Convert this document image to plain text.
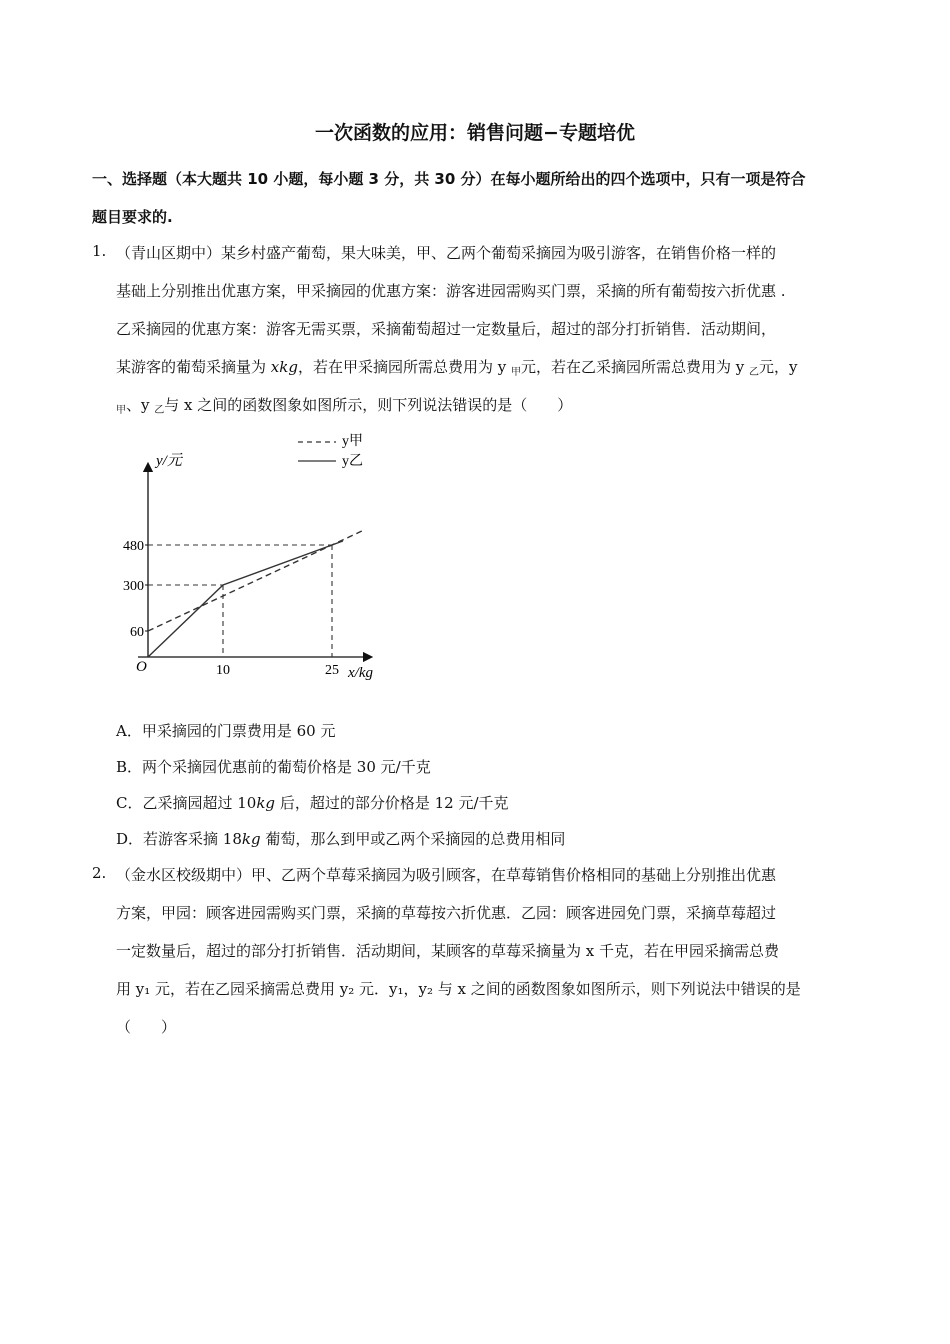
一次函数的应用：销售问题−专题培优
一、选择题（本大题共 10 小题，每小题 3 分，共 30 分）在每小题所给出的四个选项中，只有一项是符合
题目要求的.
1. （青山区期中）某乡村盛产葡萄，果大味美，甲、乙两个葡萄采摘园为吸引游客，在销售价格一样的
基础上分别推出优惠方案，甲采摘园的优惠方案：游客进园需购买门票，采摘的所有葡萄按六折优惠 .
乙采摘园的优惠方案：游客无需买票，采摘葡萄超过一定数量后，超过的部分打折销售．活动期间，
某游客的葡萄采摘量为 xkg，若在甲采摘园所需总费用为 y $_甲$元，若在乙采摘园所需总费用为 y $_乙$元，y
$_甲$、y $_乙$与 x 之间的函数图象如图所示，则下列说法错误的是（　　）
y/元
x/kg
O
y甲
y乙
60
300
480
10	25
A．甲采摘园的门票费用是 60 元
B．两个采摘园优惠前的葡萄价格是 30 元/千克
C．乙采摘园超过 10kg 后，超过的部分价格是 12 元/千克
D．若游客采摘 18kg 葡萄，那么到甲或乙两个采摘园的总费用相同
2. （金水区校级期中）甲、乙两个草莓采摘园为吸引顾客，在草莓销售价格相同的基础上分别推出优惠
方案，甲园：顾客进园需购买门票，采摘的草莓按六折优惠．乙园：顾客进园免门票，采摘草莓超过
一定数量后，超过的部分打折销售．活动期间，某顾客的草莓采摘量为 x 千克，若在甲园采摘需总费
用 y₁ 元，若在乙园采摘需总费用 y₂ 元．y₁，y₂ 与 x 之间的函数图象如图所示，则下列说法中错误的是
（　　）
